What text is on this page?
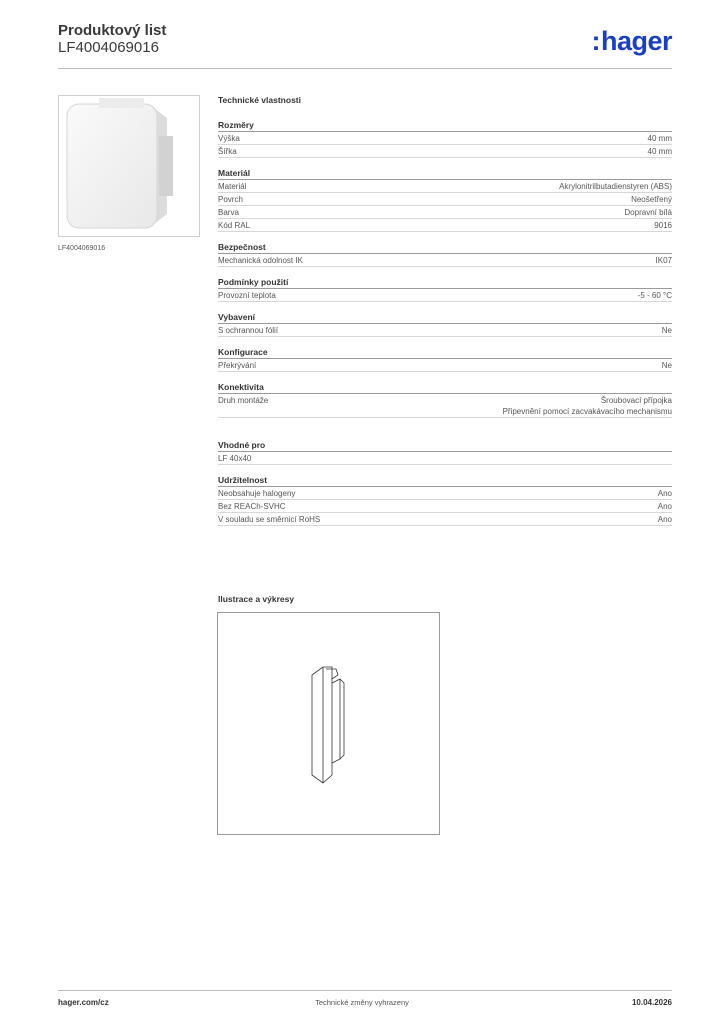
Produktový list
LF4004069016	:hager
LF4004069016
Technické vlastnosti
Rozměry
Výška	40 mm
Šířka	40 mm
Materiál
Materiál	Akrylonitrilbutadienstyren (ABS)
Povrch	Neošetřený
Barva	Dopravní bílá
Kód RAL	9016
Bezpečnost
Mechanická odolnost IK	IK07
Podmínky použití
Provozní teplota	-5 - 60 °C
Vybavení
S ochrannou fólií	Ne
Konfigurace
Překrývání	Ne
Konektivita
Druh montáže	Šroubovací přípojka
Připevnění pomocí zacvakávacího mechanismu
Vhodné pro
LF 40x40
Udržitelnost
Neobsahuje halogeny	Ano
Bez REACh-SVHC	Ano
V souladu se směrnicí RoHS	Ano
Ilustrace a výkresy
hager.com/cz	Technické změny vyhrazeny	10.04.2026
